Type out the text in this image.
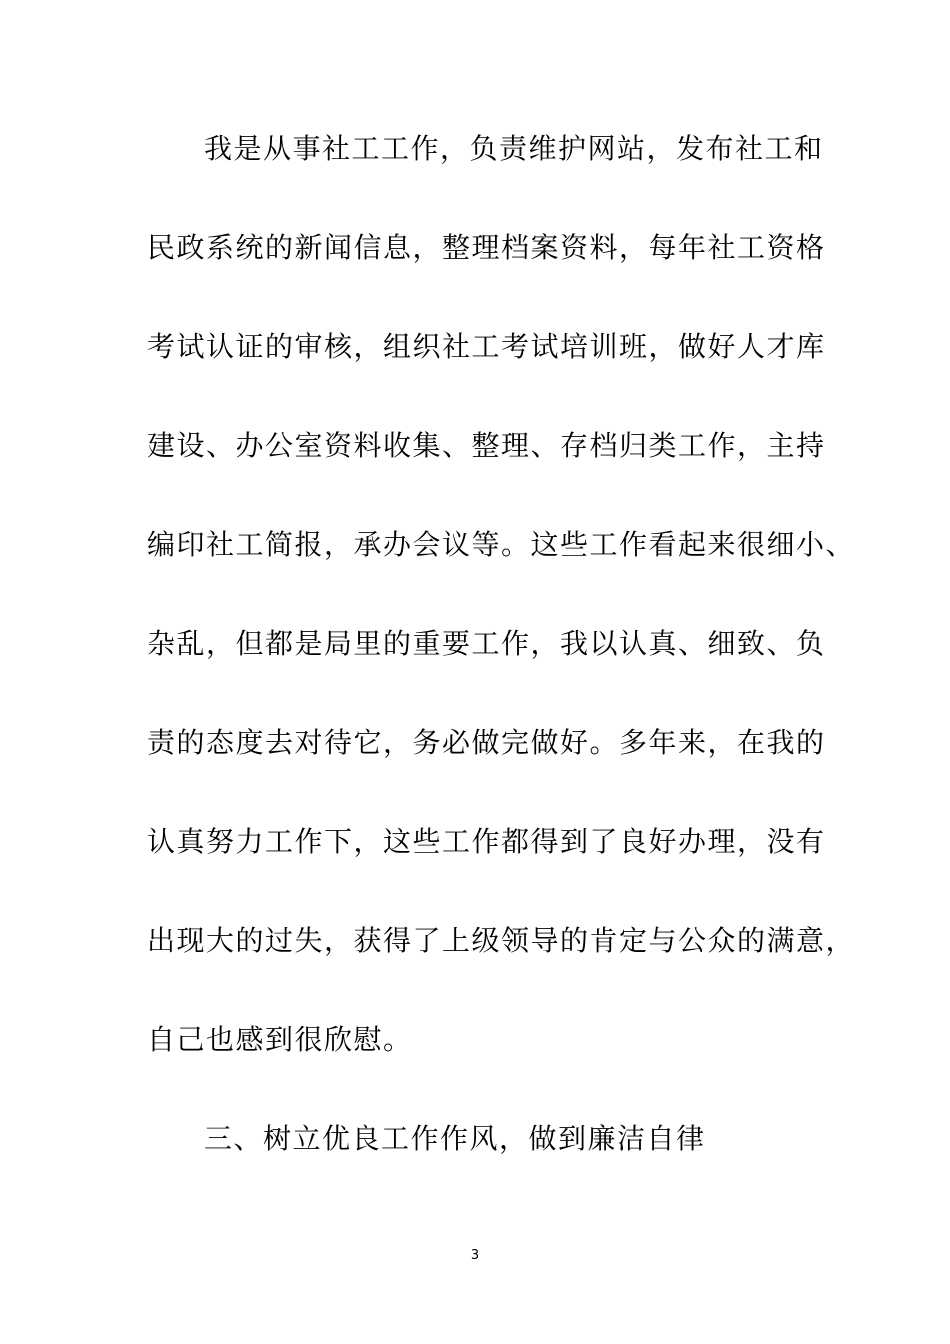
我是从事社工工作，负责维护网站，发布社工和
民政系统的新闻信息，整理档案资料，每年社工资格
考试认证的审核，组织社工考试培训班，做好人才库
建设、办公室资料收集、整理、存档归类工作，主持
编印社工简报，承办会议等。这些工作看起来很细小、
杂乱，但都是局里的重要工作，我以认真、细致、负
责的态度去对待它，务必做完做好。多年来，在我的
认真努力工作下，这些工作都得到了良好办理，没有
出现大的过失，获得了上级领导的肯定与公众的满意，
自己也感到很欣慰。
三、树立优良工作作风，做到廉洁自律
3
